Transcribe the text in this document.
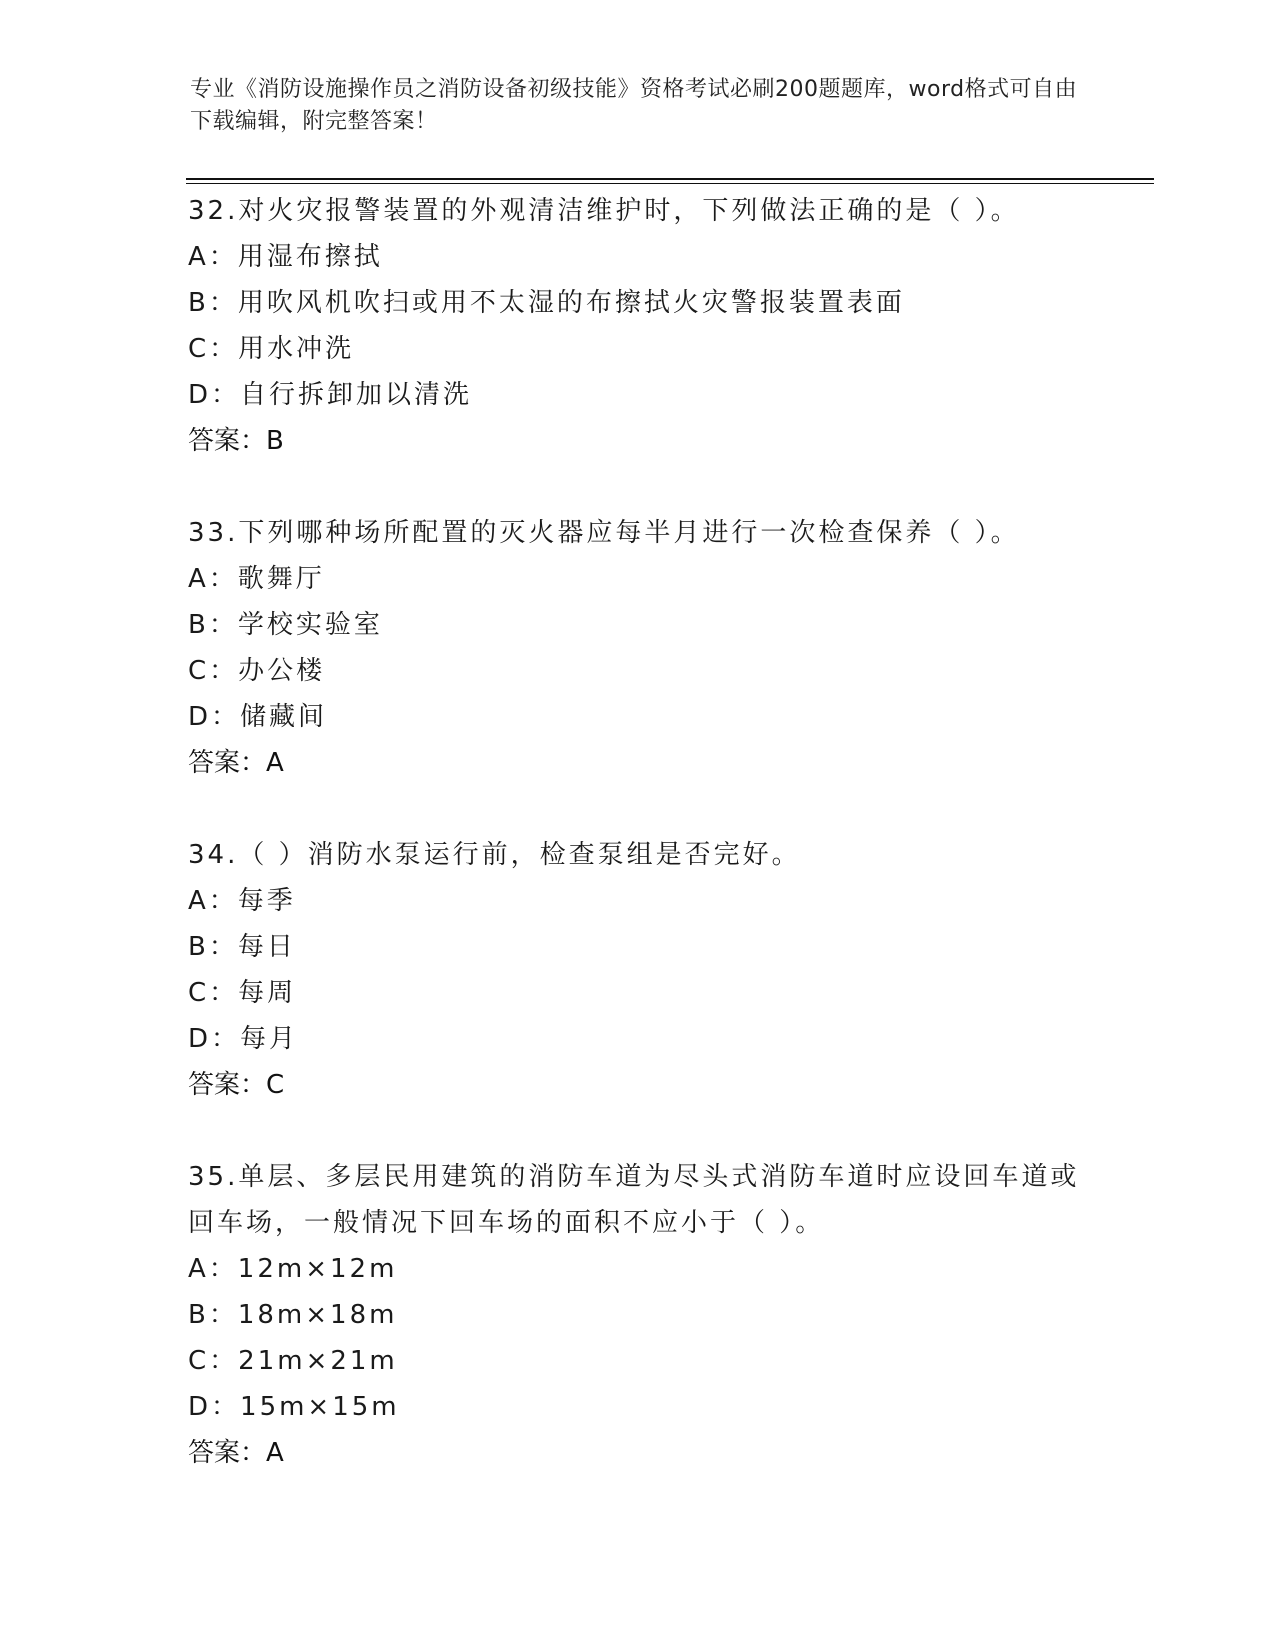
专业《消防设施操作员之消防设备初级技能》资格考试必刷200题题库，word格式可自由下载编辑，附完整答案！

32.对火灾报警装置的外观清洁维护时，下列做法正确的是（ ）。

A：用湿布擦拭

B：用吹风机吹扫或用不太湿的布擦拭火灾警报装置表面

C：用水冲洗

D：自行拆卸加以清洗

答案：B

33.下列哪种场所配置的灭火器应每半月进行一次检查保养（ ）。

A：歌舞厅

B：学校实验室

C：办公楼

D：储藏间

答案：A

34.（ ）消防水泵运行前，检查泵组是否完好。

A：每季

B：每日

C：每周

D：每月

答案：C

35.单层、多层民用建筑的消防车道为尽头式消防车道时应设回车道或回车场，一般情况下回车场的面积不应小于（ ）。

A：12m×12m

B：18m×18m

C：21m×21m

D：15m×15m

答案：A
